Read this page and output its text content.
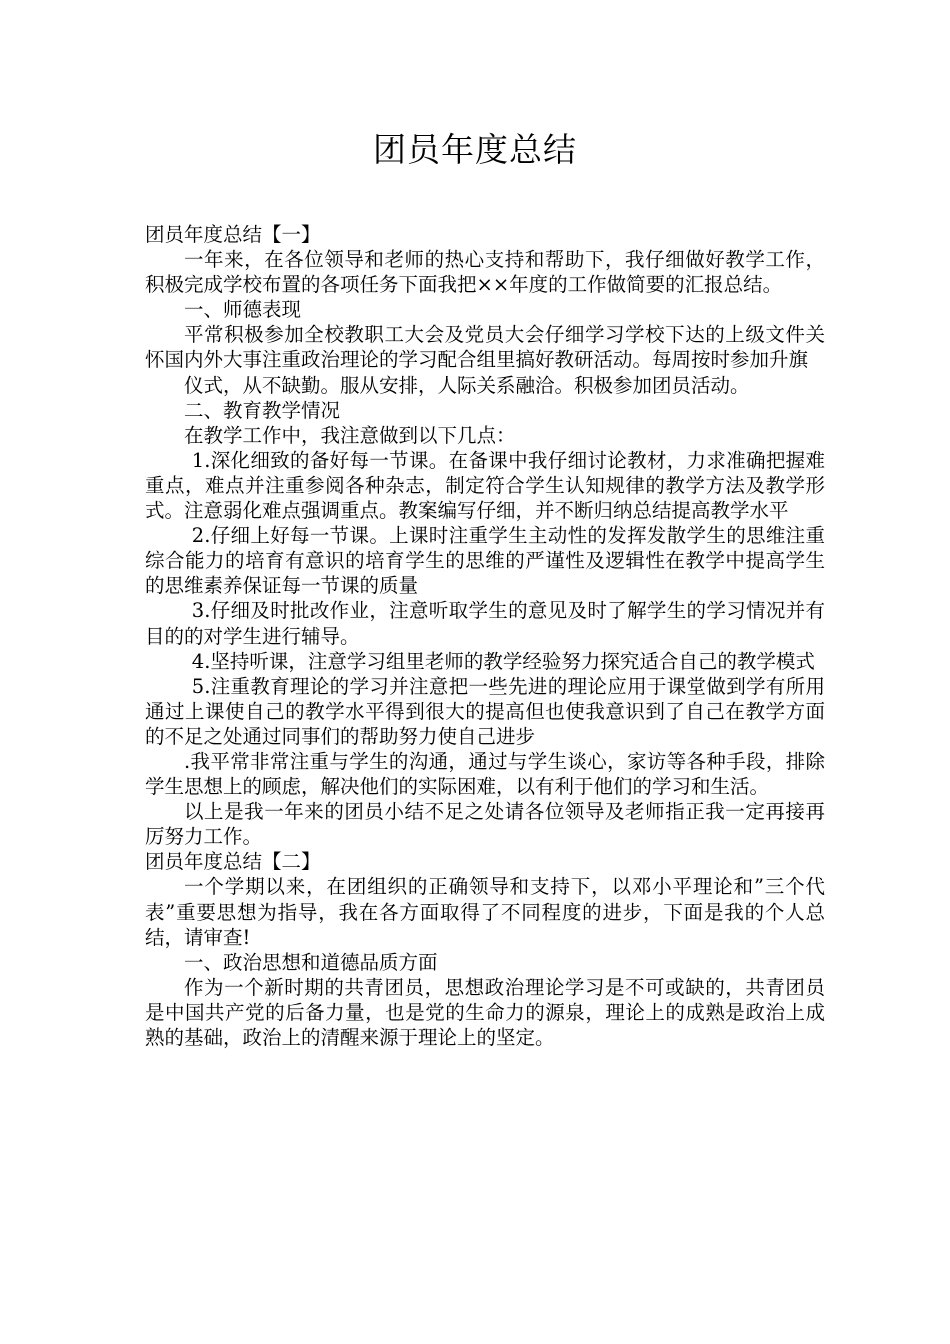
团员年度总结

团员年度总结【一】

一年来，在各位领导和老师的热心支持和帮助下，我仔细做好教学工作，积极完成学校布置的各项任务下面我把××年度的工作做简要的汇报总结。

一、师德表现

平常积极参加全校教职工大会及党员大会仔细学习学校下达的上级文件关怀国内外大事注重政治理论的学习配合组里搞好教研活动。每周按时参加升旗

仪式，从不缺勤。服从安排，人际关系融洽。积极参加团员活动。

二、教育教学情况

在教学工作中，我注意做到以下几点：

1.深化细致的备好每一节课。在备课中我仔细讨论教材，力求准确把握难重点，难点并注重参阅各种杂志，制定符合学生认知规律的教学方法及教学形式。注意弱化难点强调重点。教案编写仔细，并不断归纳总结提高教学水平

2.仔细上好每一节课。上课时注重学生主动性的发挥发散学生的思维注重综合能力的培育有意识的培育学生的思维的严谨性及逻辑性在教学中提高学生的思维素养保证每一节课的质量

3.仔细及时批改作业，注意听取学生的意见及时了解学生的学习情况并有目的的对学生进行辅导。

4.坚持听课，注意学习组里老师的教学经验努力探究适合自己的教学模式

5.注重教育理论的学习并注意把一些先进的理论应用于课堂做到学有所用通过上课使自己的教学水平得到很大的提高但也使我意识到了自己在教学方面的不足之处通过同事们的帮助努力使自己进步

.我平常非常注重与学生的沟通，通过与学生谈心，家访等各种手段，排除学生思想上的顾虑，解决他们的实际困难，以有利于他们的学习和生活。

以上是我一年来的团员小结不足之处请各位领导及老师指正我一定再接再厉努力工作。

团员年度总结【二】

一个学期以来，在团组织的正确领导和支持下，以邓小平理论和”三个代表”重要思想为指导，我在各方面取得了不同程度的进步，下面是我的个人总结，请审查!

一、政治思想和道德品质方面

作为一个新时期的共青团员，思想政治理论学习是不可或缺的，共青团员是中国共产党的后备力量，也是党的生命力的源泉，理论上的成熟是政治上成熟的基础，政治上的清醒来源于理论上的坚定。
